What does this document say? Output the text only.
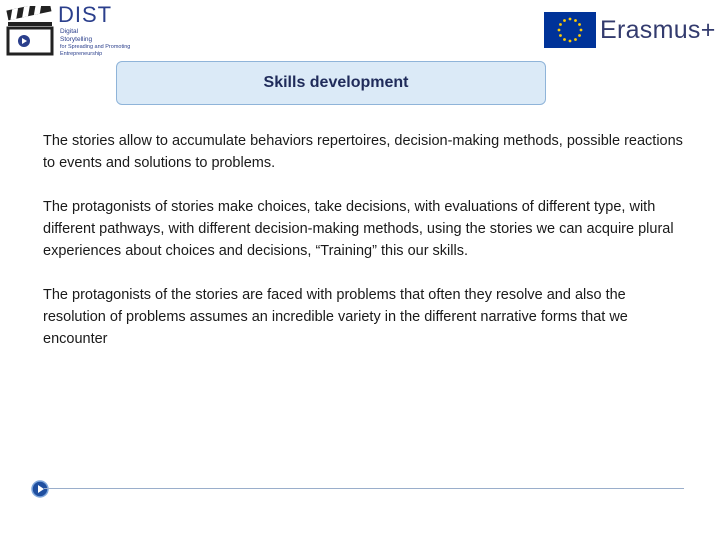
DIST
Digital Storytelling
for Spreading and Promoting Entrepreneurship
Erasmus+
Skills development

The stories allow to accumulate behaviors repertoires, decision-making methods, possible reactions to events and solutions to problems.

The protagonists of stories make choices, take decisions, with evaluations of different type, with different pathways, with different decision-making methods, using the stories we can acquire plural experiences about choices and decisions, “Training” this our skills.

The protagonists of the stories are faced with problems that often they resolve and also the resolution of problems assumes an incredible variety in the different narrative forms that we encounter
